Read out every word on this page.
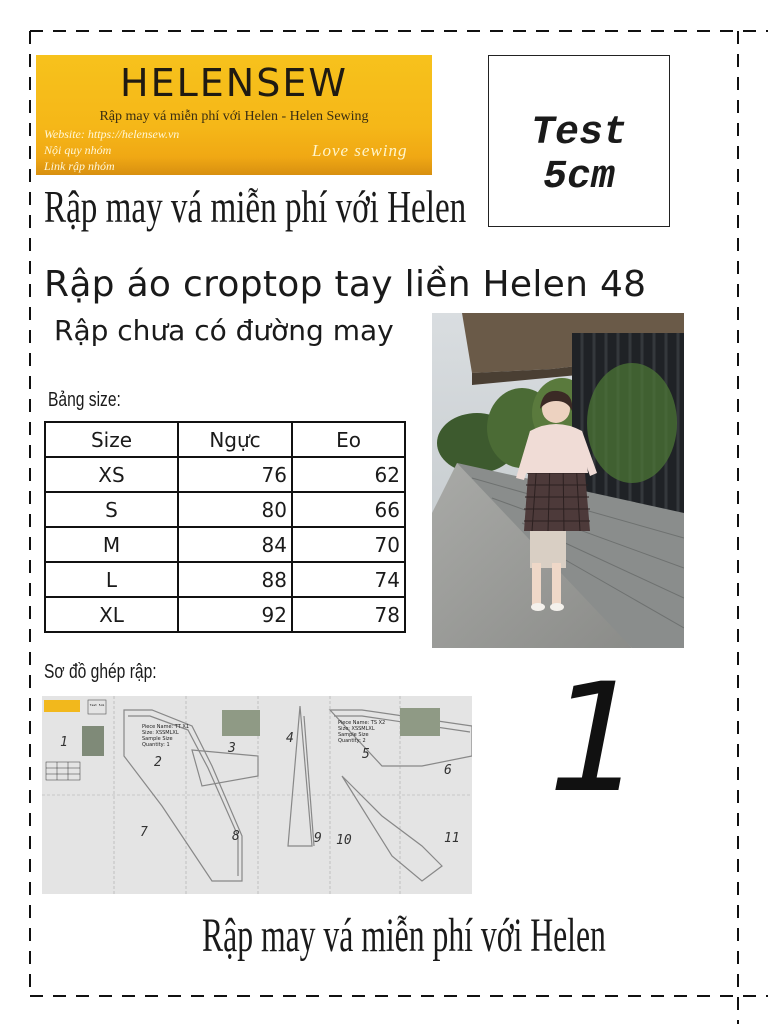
HELENSEW
Rập may vá miễn phí với Helen - Helen Sewing
Website: https://helensew.vn
Nội quy nhóm
Link rập nhóm
Love sewing	Test
5cm
Rập may vá miễn phí với Helen
Rập áo croptop tay liền Helen 48
Rập chưa có đường may
Bảng size:
Size	Ngực	Eo
XS	76	62
S	80	66
M	84	70
L	88	74
XL	92	78
Sơ đồ ghép rập:
Test 5cm
Piece Name: TT X1
Size: XSSMLXL
Sample Size
Quantity: 1
Piece Name: TS X2
Size: XSSMLXL
Sample Size
Quantity: 2
1
2
3
4
5
6
7	8	9 10	11
1
Rập may vá miễn phí với Helen
